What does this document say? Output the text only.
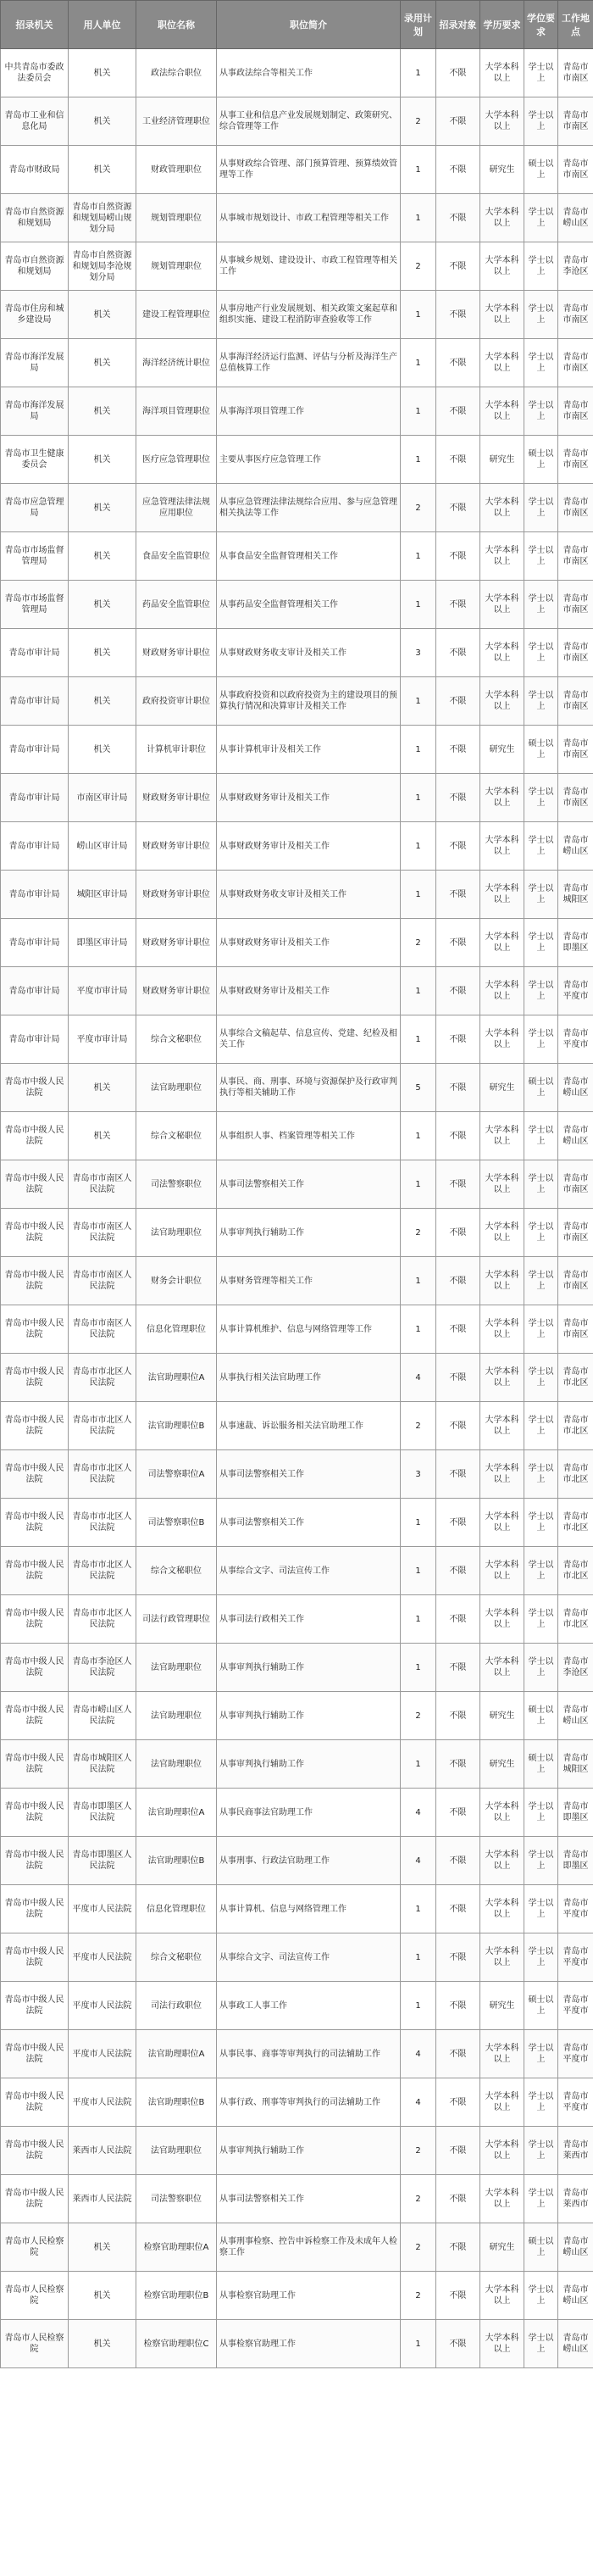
招录机关	用人单位	职位名称	职位简介	录用计划	招录对象	学历要求	学位要求	工作地点
中共青岛市委政法委员会	机关	政法综合职位	从事政法综合等相关工作	1	不限	大学本科以上	学士以上	青岛市市南区
青岛市工业和信息化局	机关	工业经济管理职位	从事工业和信息产业发展规划制定、政策研究、综合管理等工作	2	不限	大学本科以上	学士以上	青岛市市南区
青岛市财政局	机关	财政管理职位	从事财政综合管理、部门预算管理、预算绩效管理等工作	1	不限	研究生	硕士以上	青岛市市南区
青岛市自然资源和规划局	青岛市自然资源和规划局崂山规划分局	规划管理职位	从事城市规划设计、市政工程管理等相关工作	1	不限	大学本科以上	学士以上	青岛市崂山区
青岛市自然资源和规划局	青岛市自然资源和规划局李沧规划分局	规划管理职位	从事城乡规划、建设设计、市政工程管理等相关工作	2	不限	大学本科以上	学士以上	青岛市李沧区
青岛市住房和城乡建设局	机关	建设工程管理职位	从事房地产行业发展规划、相关政策文案起草和组织实施、建设工程消防审查验收等工作	1	不限	大学本科以上	学士以上	青岛市市南区
青岛市海洋发展局	机关	海洋经济统计职位	从事海洋经济运行监测、评估与分析及海洋生产总值核算工作	1	不限	大学本科以上	学士以上	青岛市市南区
青岛市海洋发展局	机关	海洋项目管理职位	从事海洋项目管理工作	1	不限	大学本科以上	学士以上	青岛市市南区
青岛市卫生健康委员会	机关	医疗应急管理职位	主要从事医疗应急管理工作	1	不限	研究生	硕士以上	青岛市市南区
青岛市应急管理局	机关	应急管理法律法规应用职位	从事应急管理法律法规综合应用、参与应急管理相关执法等工作	2	不限	大学本科以上	学士以上	青岛市市南区
青岛市市场监督管理局	机关	食品安全监管职位	从事食品安全监督管理相关工作	1	不限	大学本科以上	学士以上	青岛市市南区
青岛市市场监督管理局	机关	药品安全监管职位	从事药品安全监督管理相关工作	1	不限	大学本科以上	学士以上	青岛市市南区
青岛市审计局	机关	财政财务审计职位	从事财政财务收支审计及相关工作	3	不限	大学本科以上	学士以上	青岛市市南区
青岛市审计局	机关	政府投资审计职位	从事政府投资和以政府投资为主的建设项目的预算执行情况和决算审计及相关工作	1	不限	大学本科以上	学士以上	青岛市市南区
青岛市审计局	机关	计算机审计职位	从事计算机审计及相关工作	1	不限	研究生	硕士以上	青岛市市南区
青岛市审计局	市南区审计局	财政财务审计职位	从事财政财务审计及相关工作	1	不限	大学本科以上	学士以上	青岛市市南区
青岛市审计局	崂山区审计局	财政财务审计职位	从事财政财务审计及相关工作	1	不限	大学本科以上	学士以上	青岛市崂山区
青岛市审计局	城阳区审计局	财政财务审计职位	从事财政财务收支审计及相关工作	1	不限	大学本科以上	学士以上	青岛市城阳区
青岛市审计局	即墨区审计局	财政财务审计职位	从事财政财务审计及相关工作	2	不限	大学本科以上	学士以上	青岛市即墨区
青岛市审计局	平度市审计局	财政财务审计职位	从事财政财务审计及相关工作	1	不限	大学本科以上	学士以上	青岛市平度市
青岛市审计局	平度市审计局	综合文秘职位	从事综合文稿起草、信息宣传、党建、纪检及相关工作	1	不限	大学本科以上	学士以上	青岛市平度市
青岛市中级人民法院	机关	法官助理职位	从事民、商、刑事、环境与资源保护及行政审判执行等相关辅助工作	5	不限	研究生	硕士以上	青岛市崂山区
青岛市中级人民法院	机关	综合文秘职位	从事组织人事、档案管理等相关工作	1	不限	大学本科以上	学士以上	青岛市崂山区
青岛市中级人民法院	青岛市市南区人民法院	司法警察职位	从事司法警察相关工作	1	不限	大学本科以上	学士以上	青岛市市南区
青岛市中级人民法院	青岛市市南区人民法院	法官助理职位	从事审判执行辅助工作	2	不限	大学本科以上	学士以上	青岛市市南区
青岛市中级人民法院	青岛市市南区人民法院	财务会计职位	从事财务管理等相关工作	1	不限	大学本科以上	学士以上	青岛市市南区
青岛市中级人民法院	青岛市市南区人民法院	信息化管理职位	从事计算机维护、信息与网络管理等工作	1	不限	大学本科以上	学士以上	青岛市市南区
青岛市中级人民法院	青岛市市北区人民法院	法官助理职位A	从事执行相关法官助理工作	4	不限	大学本科以上	学士以上	青岛市市北区
青岛市中级人民法院	青岛市市北区人民法院	法官助理职位B	从事速裁、诉讼服务相关法官助理工作	2	不限	大学本科以上	学士以上	青岛市市北区
青岛市中级人民法院	青岛市市北区人民法院	司法警察职位A	从事司法警察相关工作	3	不限	大学本科以上	学士以上	青岛市市北区
青岛市中级人民法院	青岛市市北区人民法院	司法警察职位B	从事司法警察相关工作	1	不限	大学本科以上	学士以上	青岛市市北区
青岛市中级人民法院	青岛市市北区人民法院	综合文秘职位	从事综合文字、司法宣传工作	1	不限	大学本科以上	学士以上	青岛市市北区
青岛市中级人民法院	青岛市市北区人民法院	司法行政管理职位	从事司法行政相关工作	1	不限	大学本科以上	学士以上	青岛市市北区
青岛市中级人民法院	青岛市李沧区人民法院	法官助理职位	从事审判执行辅助工作	1	不限	大学本科以上	学士以上	青岛市李沧区
青岛市中级人民法院	青岛市崂山区人民法院	法官助理职位	从事审判执行辅助工作	2	不限	研究生	硕士以上	青岛市崂山区
青岛市中级人民法院	青岛市城阳区人民法院	法官助理职位	从事审判执行辅助工作	1	不限	研究生	硕士以上	青岛市城阳区
青岛市中级人民法院	青岛市即墨区人民法院	法官助理职位A	从事民商事法官助理工作	4	不限	大学本科以上	学士以上	青岛市即墨区
青岛市中级人民法院	青岛市即墨区人民法院	法官助理职位B	从事刑事、行政法官助理工作	4	不限	大学本科以上	学士以上	青岛市即墨区
青岛市中级人民法院	平度市人民法院	信息化管理职位	从事计算机、信息与网络管理工作	1	不限	大学本科以上	学士以上	青岛市平度市
青岛市中级人民法院	平度市人民法院	综合文秘职位	从事综合文字、司法宣传工作	1	不限	大学本科以上	学士以上	青岛市平度市
青岛市中级人民法院	平度市人民法院	司法行政职位	从事政工人事工作	1	不限	研究生	硕士以上	青岛市平度市
青岛市中级人民法院	平度市人民法院	法官助理职位A	从事民事、商事等审判执行的司法辅助工作	4	不限	大学本科以上	学士以上	青岛市平度市
青岛市中级人民法院	平度市人民法院	法官助理职位B	从事行政、刑事等审判执行的司法辅助工作	4	不限	大学本科以上	学士以上	青岛市平度市
青岛市中级人民法院	莱西市人民法院	法官助理职位	从事审判执行辅助工作	2	不限	大学本科以上	学士以上	青岛市莱西市
青岛市中级人民法院	莱西市人民法院	司法警察职位	从事司法警察相关工作	2	不限	大学本科以上	学士以上	青岛市莱西市
青岛市人民检察院	机关	检察官助理职位A	从事刑事检察、控告申诉检察工作及未成年人检察工作	2	不限	研究生	硕士以上	青岛市崂山区
青岛市人民检察院	机关	检察官助理职位B	从事检察官助理工作	2	不限	大学本科以上	学士以上	青岛市崂山区
青岛市人民检察院	机关	检察官助理职位C	从事检察官助理工作	1	不限	大学本科以上	学士以上	青岛市崂山区
